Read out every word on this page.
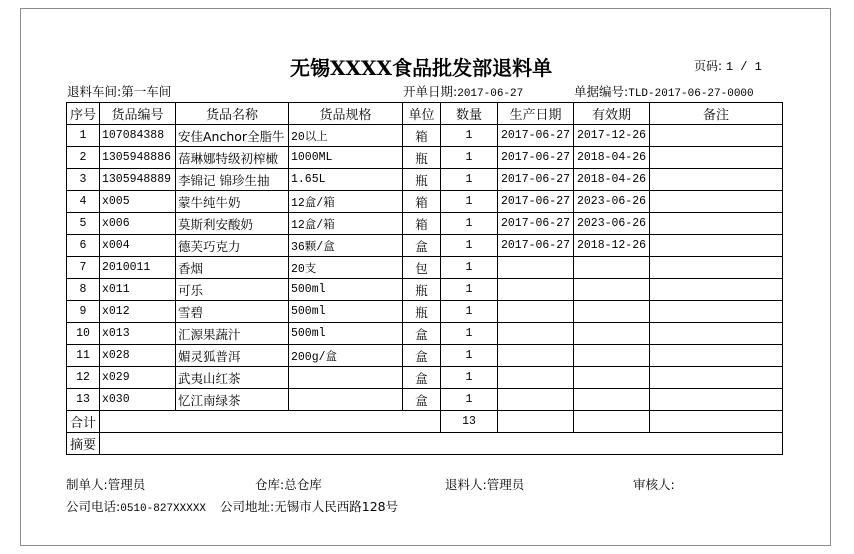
无锡XXXX食品批发部退料单	页码: 1 / 1
退料车间:第一车间	开单日期:2017-06-27	单据编号:TLD-2017-06-27-0000
序号	货品编号	货品名称	货品规格	单位	数量	生产日期	有效期	备注
1	107084388	安佳Anchor全脂牛	20以上	箱	1	2017-06-27	2017-12-26	
2	1305948886	蓓琳娜特级初榨橄	1000ML	瓶	1	2017-06-27	2018-04-26	
3	1305948889	李锦记 锦珍生抽	1.65L	瓶	1	2017-06-27	2018-04-26	
4	x005	蒙牛纯牛奶	12盒/箱	箱	1	2017-06-27	2023-06-26	
5	x006	莫斯利安酸奶	12盒/箱	箱	1	2017-06-27	2023-06-26	
6	x004	德芙巧克力	36颗/盒	盒	1	2017-06-27	2018-12-26	
7	2010011	香烟	20支	包	1			
8	x011	可乐	500ml	瓶	1			
9	x012	雪碧	500ml	瓶	1			
10	x013	汇源果蔬汁	500ml	盒	1			
11	x028	媚灵狐普洱	200g/盒	盒	1			
12	x029	武夷山红茶		盒	1			
13	x030	忆江南绿茶		盒	1			
合计					13			
摘要								
制单人:管理员	仓库:总仓库	退料人:管理员	审核人:
公司电话:0510-827XXXXX 公司地址:无锡市人民西路128号
